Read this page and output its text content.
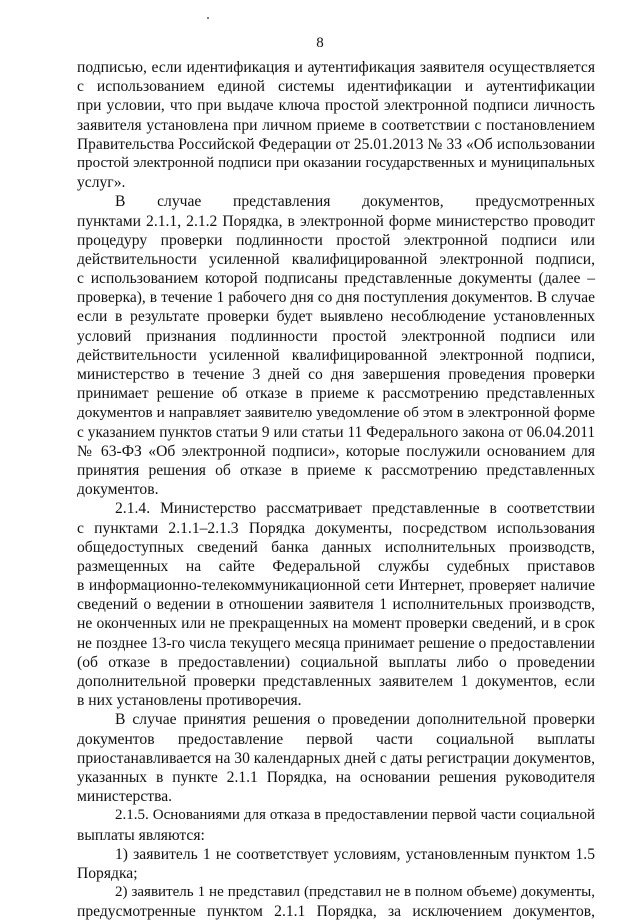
8
подписью, если идентификация и аутентификация заявителя осуществляется
с использованием единой системы идентификации и аутентификации
при условии, что при выдаче ключа простой электронной подписи личность
заявителя установлена при личном приеме в соответствии с постановлением
Правительства Российской Федерации от 25.01.2013 № 33 «Об использовании
простой электронной подписи при оказании государственных и муниципальных
услуг».
В случае представления документов, предусмотренных
пунктами 2.1.1, 2.1.2 Порядка, в электронной форме министерство проводит
процедуру проверки подлинности простой электронной подписи или
действительности усиленной квалифицированной электронной подписи,
с использованием которой подписаны представленные документы (далее –
проверка), в течение 1 рабочего дня со дня поступления документов. В случае
если в результате проверки будет выявлено несоблюдение установленных
условий признания подлинности простой электронной подписи или
действительности усиленной квалифицированной электронной подписи,
министерство в течение 3 дней со дня завершения проведения проверки
принимает решение об отказе в приеме к рассмотрению представленных
документов и направляет заявителю уведомление об этом в электронной форме
с указанием пунктов статьи 9 или статьи 11 Федерального закона от 06.04.2011
№ 63-ФЗ «Об электронной подписи», которые послужили основанием для
принятия решения об отказе в приеме к рассмотрению представленных
документов.
2.1.4. Министерство рассматривает представленные в соответствии
с пунктами 2.1.1–2.1.3 Порядка документы, посредством использования
общедоступных сведений банка данных исполнительных производств,
размещенных на сайте Федеральной службы судебных приставов
в информационно-телекоммуникационной сети Интернет, проверяет наличие
сведений о ведении в отношении заявителя 1 исполнительных производств,
не оконченных или не прекращенных на момент проверки сведений, и в срок
не позднее 13-го числа текущего месяца принимает решение о предоставлении
(об отказе в предоставлении) социальной выплаты либо о проведении
дополнительной проверки представленных заявителем 1 документов, если
в них установлены противоречия.
В случае принятия решения о проведении дополнительной проверки
документов предоставление первой части социальной выплаты
приостанавливается на 30 календарных дней с даты регистрации документов,
указанных в пункте 2.1.1 Порядка, на основании решения руководителя
министерства.
2.1.5. Основаниями для отказа в предоставлении первой части социальной
выплаты являются:
1) заявитель 1 не соответствует условиям, установленным пунктом 1.5
Порядка;
2) заявитель 1 не представил (представил не в полном объеме) документы,
предусмотренные пунктом 2.1.1 Порядка, за исключением документов,
